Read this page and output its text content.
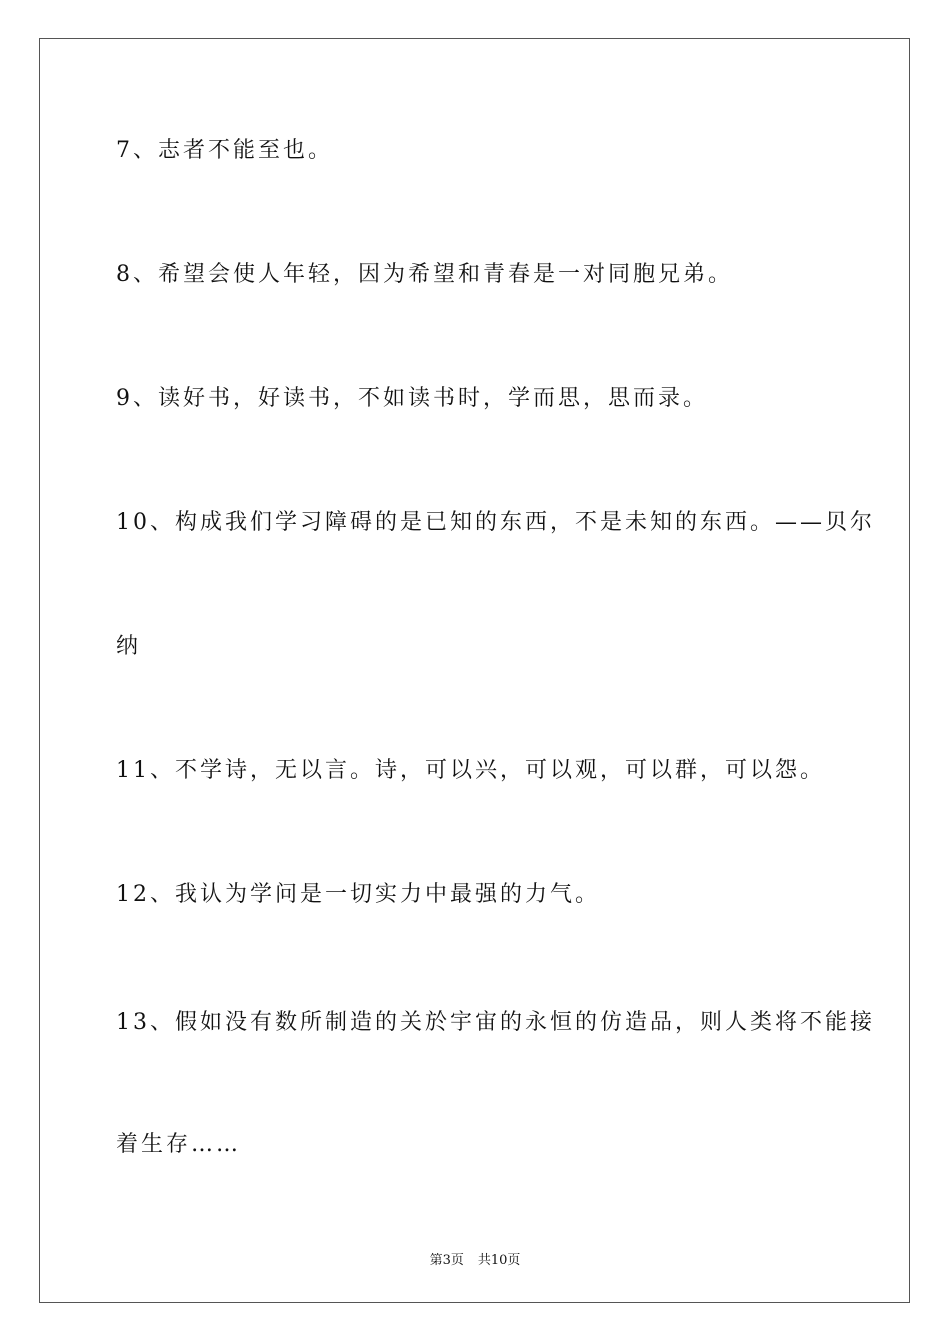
7、志者不能至也。
8、希望会使人年轻，因为希望和青春是一对同胞兄弟。
9、读好书，好读书，不如读书时，学而思，思而录。
10、构成我们学习障碍的是已知的东西，不是未知的东西。——贝尔
纳
11、不学诗，无以言。诗，可以兴，可以观，可以群，可以怨。
12、我认为学问是一切实力中最强的力气。
13、假如没有数所制造的关於宇宙的永恒的仿造品，则人类将不能接
着生存……
第3页 共10页
